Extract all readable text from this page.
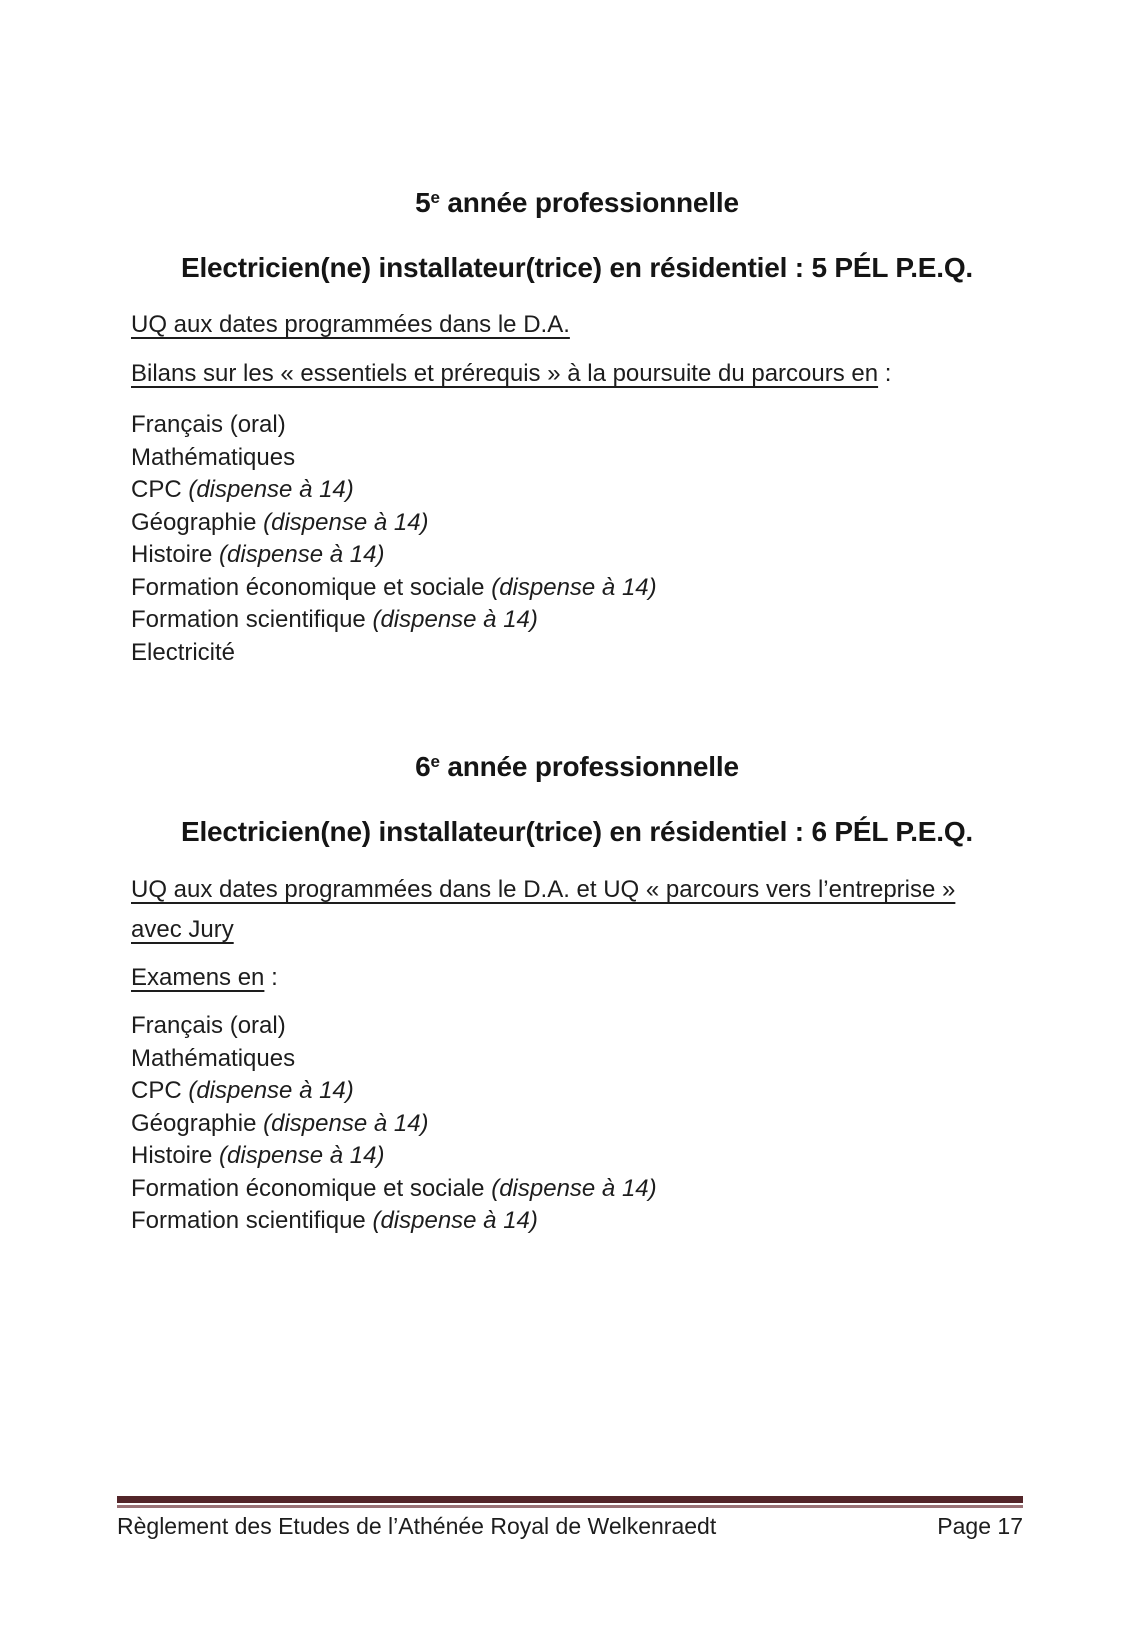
5e année professionnelle
Electricien(ne) installateur(trice) en résidentiel : 5 PÉL P.E.Q.

UQ aux dates programmées dans le D.A.

Bilans sur les « essentiels et prérequis » à la poursuite du parcours en :

Français (oral)
Mathématiques
CPC (dispense à 14)
Géographie (dispense à 14)
Histoire (dispense à 14)
Formation économique et sociale (dispense à 14)
Formation scientifique (dispense à 14)
Electricité
6e année professionnelle
Electricien(ne) installateur(trice) en résidentiel : 6 PÉL P.E.Q.

UQ aux dates programmées dans le D.A. et UQ « parcours vers l’entreprise »
avec Jury

Examens en :

Français (oral)
Mathématiques
CPC (dispense à 14)
Géographie (dispense à 14)
Histoire (dispense à 14)
Formation économique et sociale (dispense à 14)
Formation scientifique (dispense à 14)
Règlement des Etudes de l’Athénée Royal de Welkenraedt	Page 17
